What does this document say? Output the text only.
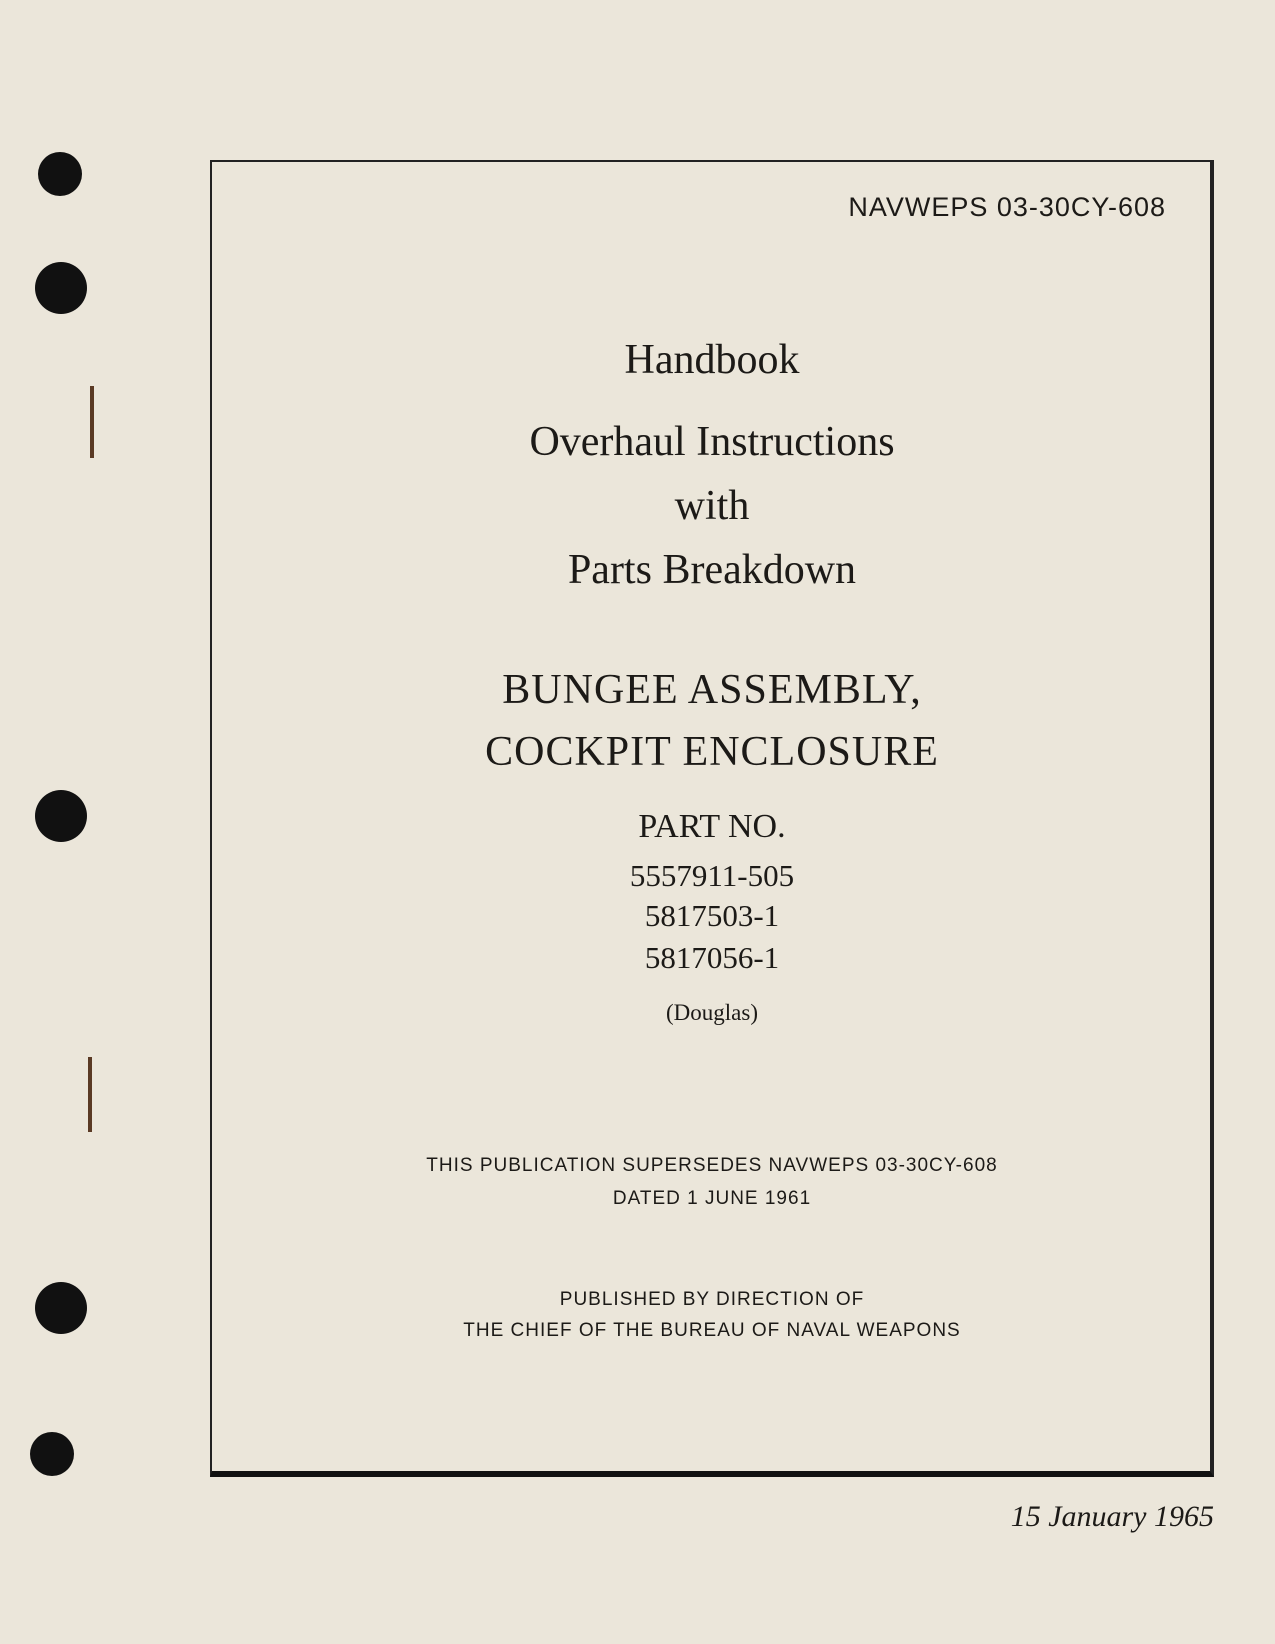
NAVWEPS 03-30CY-608
Handbook
Overhaul Instructions
with
Parts Breakdown
BUNGEE ASSEMBLY,
COCKPIT ENCLOSURE
PART NO.
5557911-505
5817503-1
5817056-1
(Douglas)
THIS PUBLICATION SUPERSEDES NAVWEPS 03-30CY-608
DATED 1 JUNE 1961
PUBLISHED BY DIRECTION OF
THE CHIEF OF THE BUREAU OF NAVAL WEAPONS
15 January 1965
